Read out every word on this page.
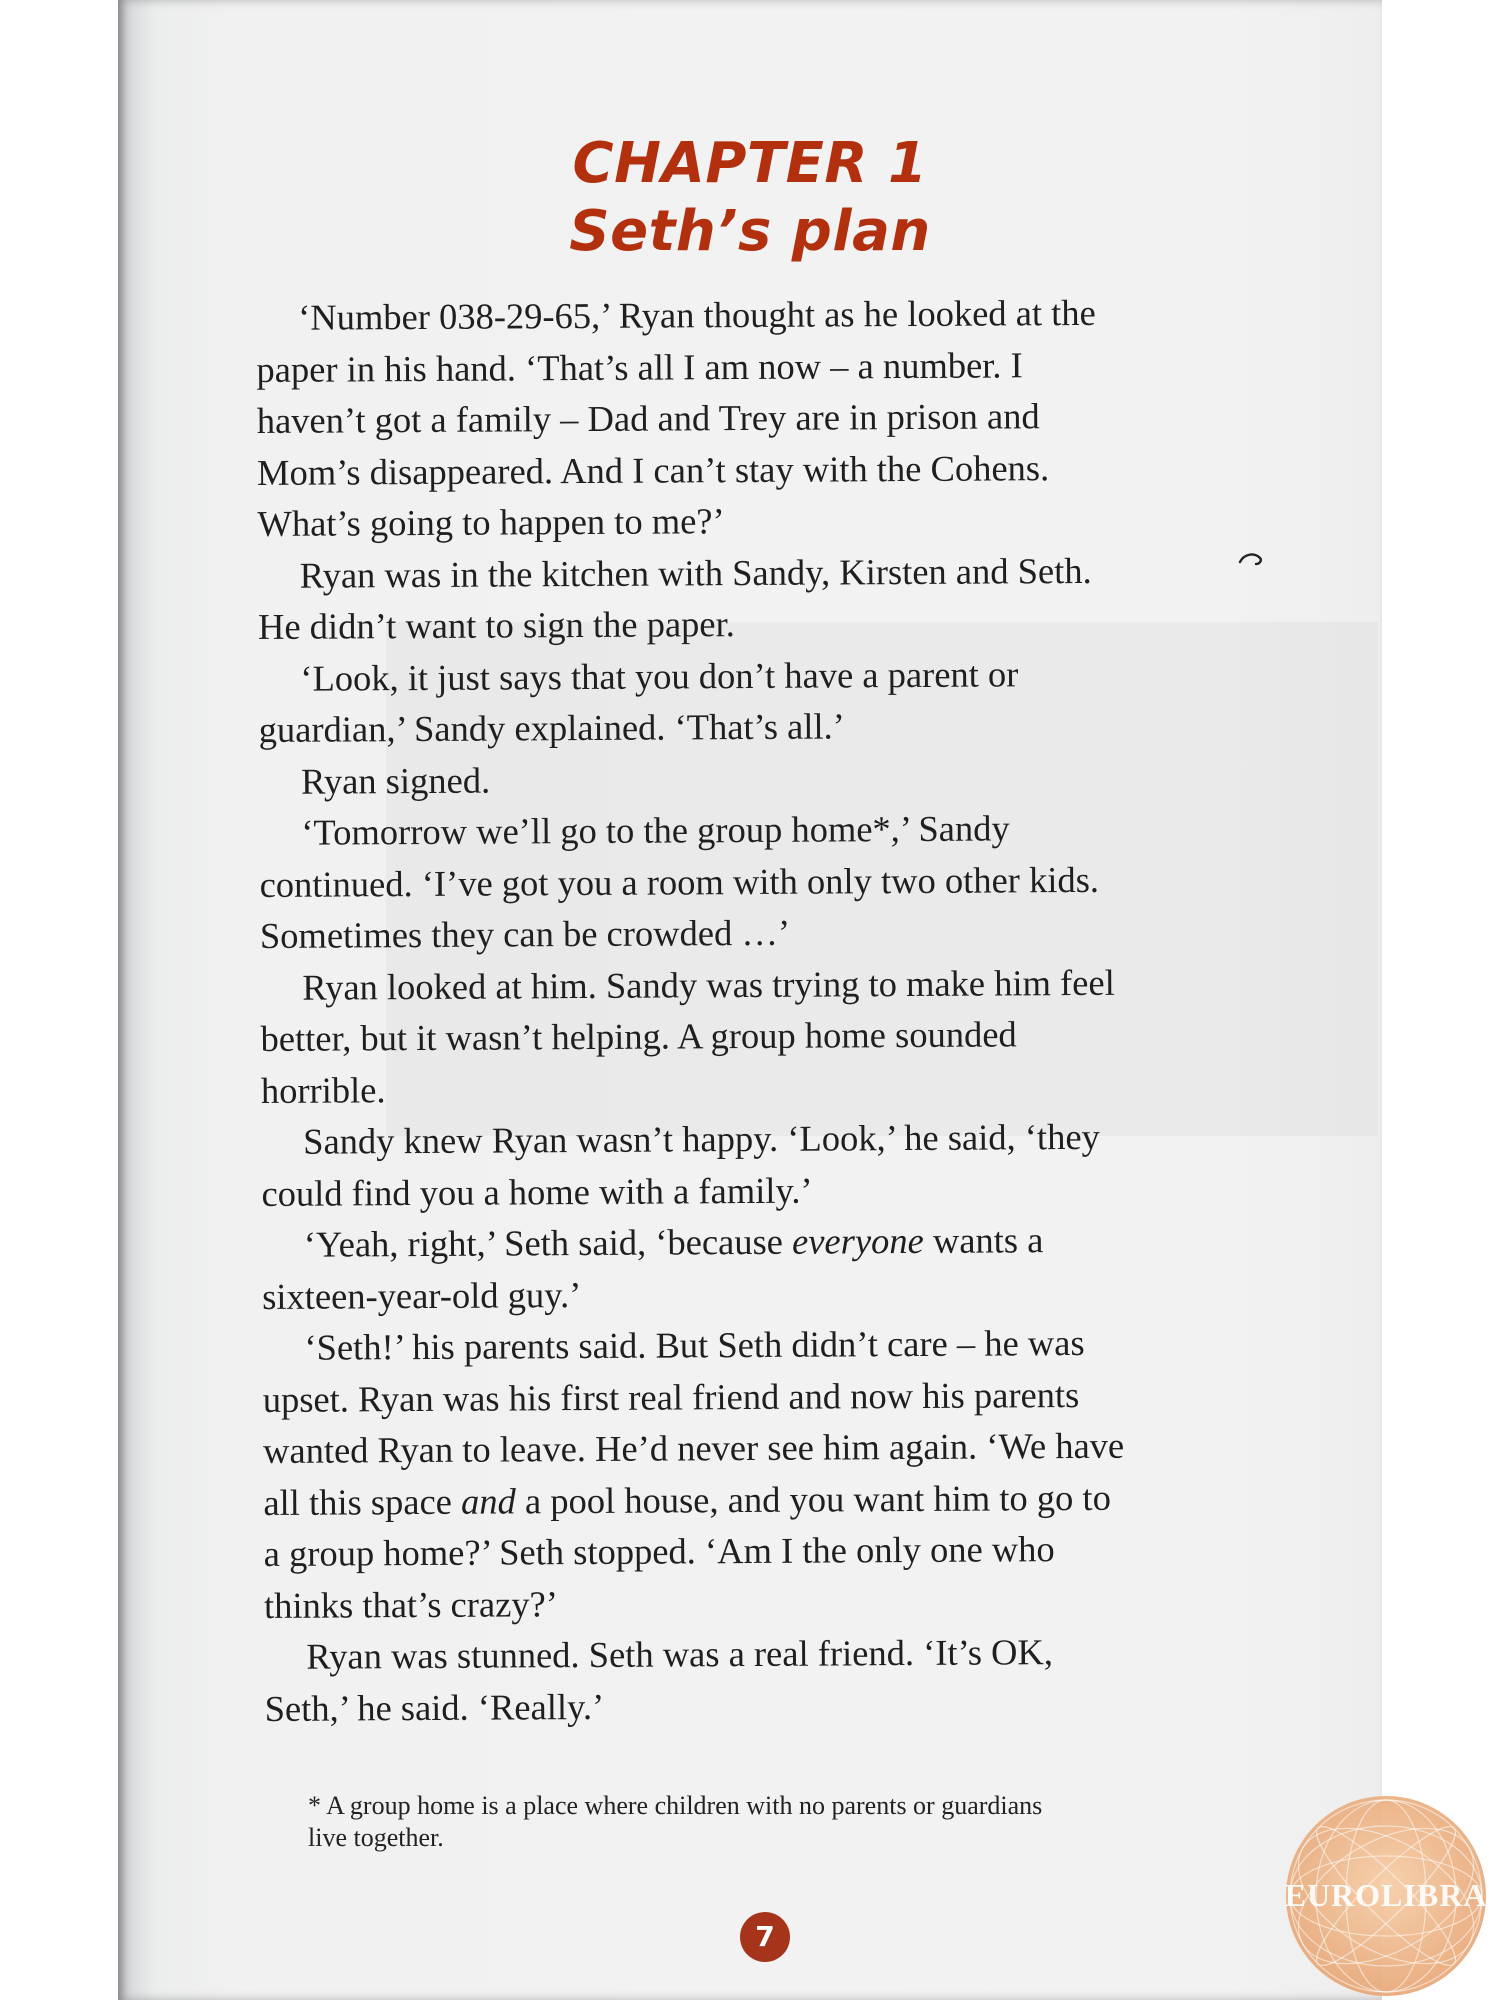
CHAPTER 1
Seth’s plan
‘Number 038-29-65,’ Ryan thought as he looked at the
paper in his hand. ‘That’s all I am now – a number. I
haven’t got a family – Dad and Trey are in prison and
Mom’s disappeared. And I can’t stay with the Cohens.
What’s going to happen to me?’
Ryan was in the kitchen with Sandy, Kirsten and Seth.
He didn’t want to sign the paper.
‘Look, it just says that you don’t have a parent or
guardian,’ Sandy explained. ‘That’s all.’
Ryan signed.
‘Tomorrow we’ll go to the group home*,’ Sandy
continued. ‘I’ve got you a room with only two other kids.
Sometimes they can be crowded …’
Ryan looked at him. Sandy was trying to make him feel
better, but it wasn’t helping. A group home sounded
horrible.
Sandy knew Ryan wasn’t happy. ‘Look,’ he said, ‘they
could find you a home with a family.’
‘Yeah, right,’ Seth said, ‘because everyone wants a
sixteen-year-old guy.’
‘Seth!’ his parents said. But Seth didn’t care – he was
upset. Ryan was his first real friend and now his parents
wanted Ryan to leave. He’d never see him again. ‘We have
all this space and a pool house, and you want him to go to
a group home?’ Seth stopped. ‘Am I the only one who
thinks that’s crazy?’
Ryan was stunned. Seth was a real friend. ‘It’s OK,
Seth,’ he said. ‘Really.’
* A group home is a place where children with no parents or guardians
live together.
7
EUROLIBRA
